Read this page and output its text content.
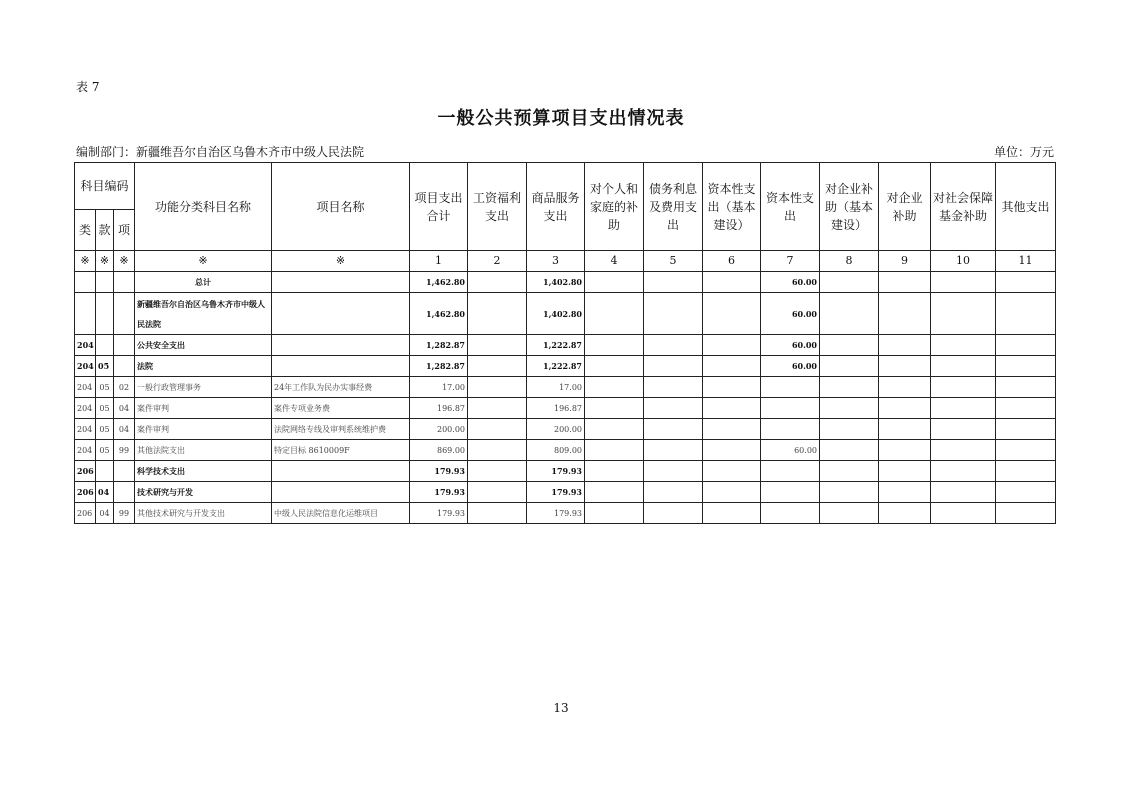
表 7
一般公共预算项目支出情况表
编制部门：新疆维吾尔自治区乌鲁木齐市中级人民法院	单位：万元
科目编码			功能分类科目名称	项目名称	项目支出合计	工资福利支出	商品服务支出	对个人和家庭的补助	债务利息及费用支出	资本性支出（基本建设）	资本性支出	对企业补助（基本建设）	对企业补助	对社会保障基金补助	其他支出
类	款	项													
※	※	※	※	※	1	2	3	4	5	6	7	8	9	10	11
			总计		1,462.80		1,402.80				60.00				
			新疆维吾尔自治区乌鲁木齐市中级人民法院		1,462.80		1,402.80				60.00				
204			公共安全支出		1,282.87		1,222.87				60.00				
204	05		法院		1,282.87		1,222.87				60.00				
204	05	02	一般行政管理事务	24年工作队为民办实事经费	17.00		17.00								
204	05	04	案件审判	案件专项业务费	196.87		196.87								
204	05	04	案件审判	法院网络专线及审判系统维护费	200.00		200.00								
204	05	99	其他法院支出	特定目标 8610009F	869.00		809.00				60.00				
206			科学技术支出		179.93		179.93								
206	04		技术研究与开发		179.93		179.93								
206	04	99	其他技术研究与开发支出	中级人民法院信息化运维项目	179.93		179.93								
13
